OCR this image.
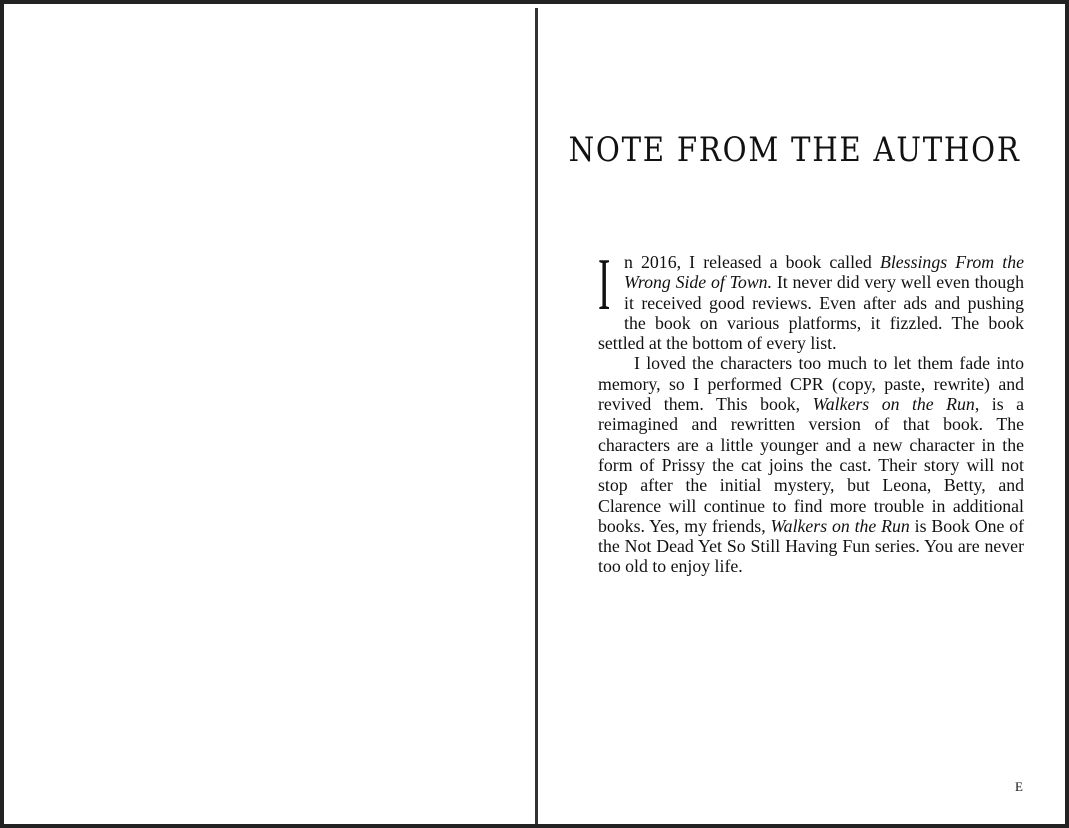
NOTE FROM THE AUTHOR

In 2016, I released a book called Blessings From the Wrong Side of Town. It never did very well even though it received good reviews. Even after ads and pushing the book on various platforms, it fizzled. The book settled at the bottom of every list.

I loved the characters too much to let them fade into memory, so I performed CPR (copy, paste, rewrite) and revived them. This book, Walkers on the Run, is a reimagined and rewritten version of that book. The characters are a little younger and a new character in the form of Prissy the cat joins the cast. Their story will not stop after the initial mystery, but Leona, Betty, and Clarence will continue to find more trouble in additional books. Yes, my friends, Walkers on the Run is Book One of the Not Dead Yet So Still Having Fun series. You are never too old to enjoy life.

E
